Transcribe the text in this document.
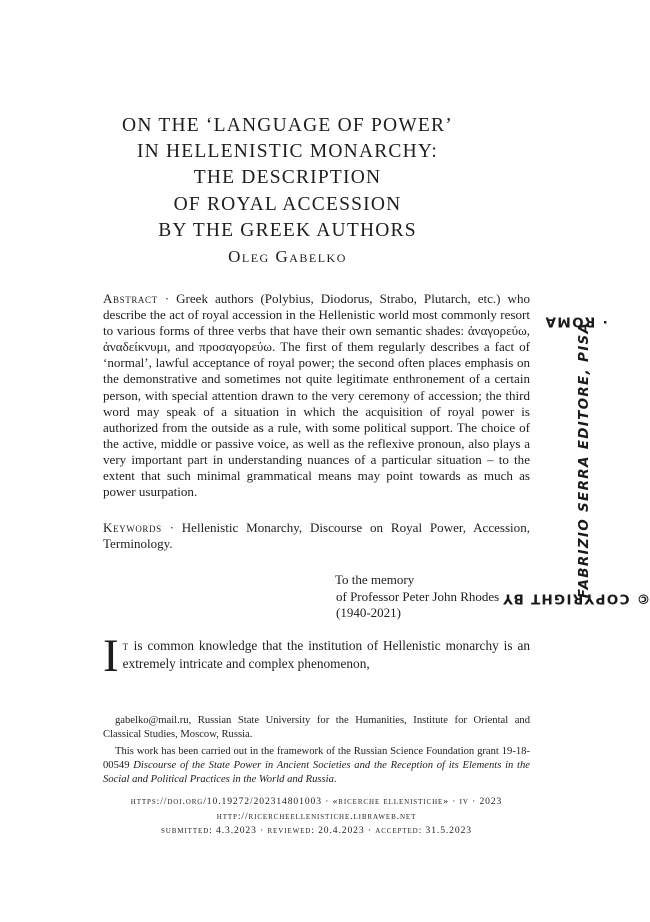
ON THE ‘LANGUAGE OF POWER’
IN HELLENISTIC MONARCHY:
THE DESCRIPTION
OF ROYAL ACCESSION
BY THE GREEK AUTHORS
Oleg Gabelko
Abstract · Greek authors (Polybius, Diodorus, Strabo, Plutarch, etc.) who describe the act of royal accession in the Hellenistic world most commonly resort to various forms of three verbs that have their own semantic shades: ἀναγορεύω, ἀναδείκνυμι, and προσαγορεύω. The first of them regularly describes a fact of ‘normal’, lawful acceptance of royal power; the second often places emphasis on the demonstrative and sometimes not quite legitimate enthronement of a certain person, with special attention drawn to the very ceremony of accession; the third word may speak of a situation in which the acquisition of royal power is authorized from the outside as a rule, with some political support. The choice of the active, middle or passive voice, as well as the reflexive pronoun, also plays a very important part in understanding nuances of a particular situation – to the extent that such minimal grammatical means may point towards as much as power usurpation.
Keywords · Hellenistic Monarchy, Discourse on Royal Power, Accession, Terminology.
To the memory
of Professor Peter John Rhodes
(1940-2021)
It is common knowledge that the institution of Hellenistic monarchy is an extremely intricate and complex phenomenon,
gabelko@mail.ru, Russian State University for the Humanities, Institute for Oriental and Classical Studies, Moscow, Russia.
This work has been carried out in the framework of the Russian Science Foundation grant 19-18-00549 Discourse of the State Power in Ancient Societies and the Reception of its Elements in the Social and Political Practices in the World and Russia.
https://doi.org/10.19272/202314801003 · «ricerche ellenistiche» · iv · 2023
http://ricercheellenistiche.libraweb.net
submitted: 4.3.2023 · reviewed: 20.4.2023 · accepted: 31.5.2023
© COPYRIGHT BY
FABRIZIO SERRA EDITORE, PISA
· ROMA
